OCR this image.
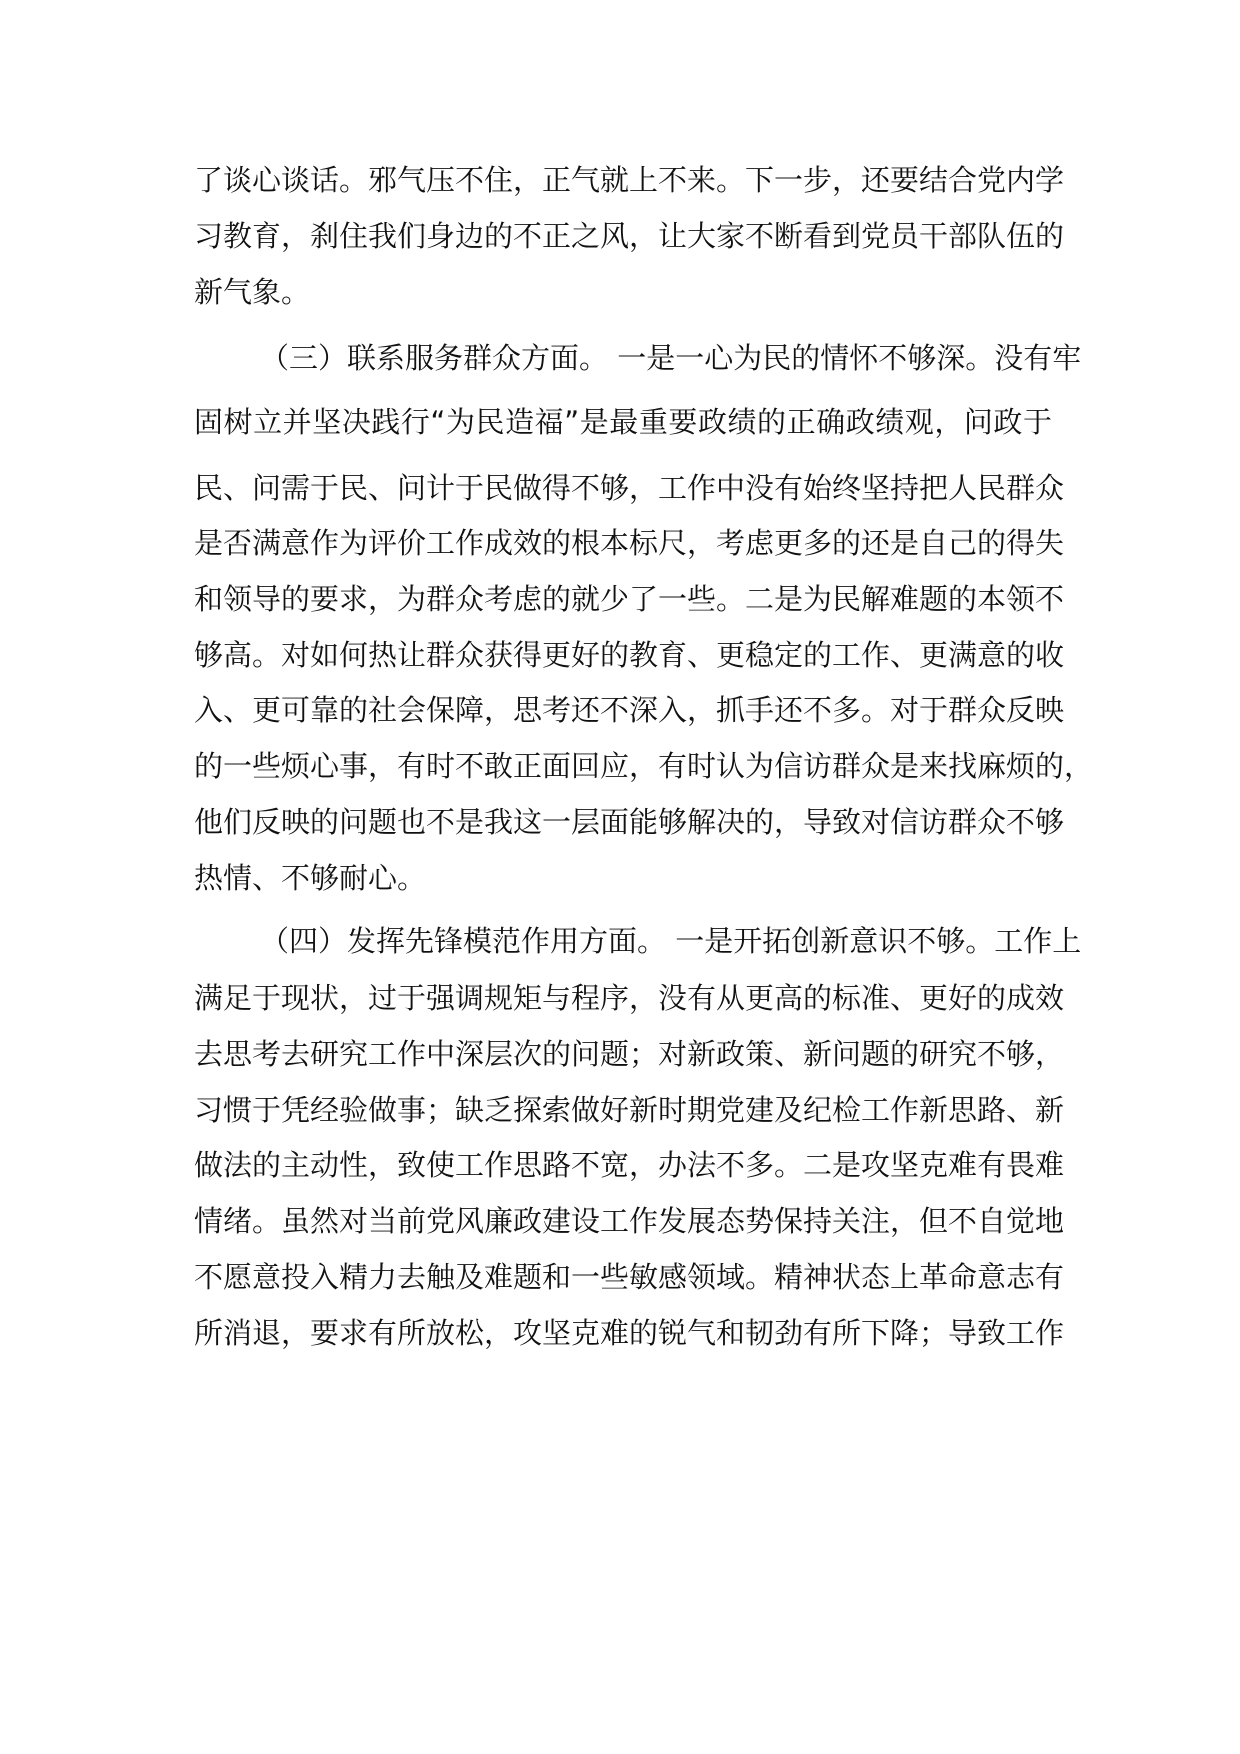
了谈心谈话。邪气压不住，正气就上不来。下一步，还要结合党内学
习教育，刹住我们身边的不正之风，让大家不断看到党员干部队伍的
新气象。
（三）联系服务群众方面。 一是一心为民的情怀不够深。没有牢
固树立并坚决践行“为民造福”是最重要政绩的正确政绩观，问政于
民、问需于民、问计于民做得不够，工作中没有始终坚持把人民群众
是否满意作为评价工作成效的根本标尺，考虑更多的还是自己的得失
和领导的要求，为群众考虑的就少了一些。二是为民解难题的本领不
够高。对如何热让群众获得更好的教育、更稳定的工作、更满意的收
入、更可靠的社会保障，思考还不深入，抓手还不多。对于群众反映
的一些烦心事，有时不敢正面回应，有时认为信访群众是来找麻烦的，
他们反映的问题也不是我这一层面能够解决的，导致对信访群众不够
热情、不够耐心。
（四）发挥先锋模范作用方面。 一是开拓创新意识不够。工作上
满足于现状，过于强调规矩与程序，没有从更高的标准、更好的成效
去思考去研究工作中深层次的问题；对新政策、新问题的研究不够，
习惯于凭经验做事；缺乏探索做好新时期党建及纪检工作新思路、新
做法的主动性，致使工作思路不宽，办法不多。二是攻坚克难有畏难
情绪。虽然对当前党风廉政建设工作发展态势保持关注，但不自觉地
不愿意投入精力去触及难题和一些敏感领域。精神状态上革命意志有
所消退，要求有所放松，攻坚克难的锐气和韧劲有所下降；导致工作
